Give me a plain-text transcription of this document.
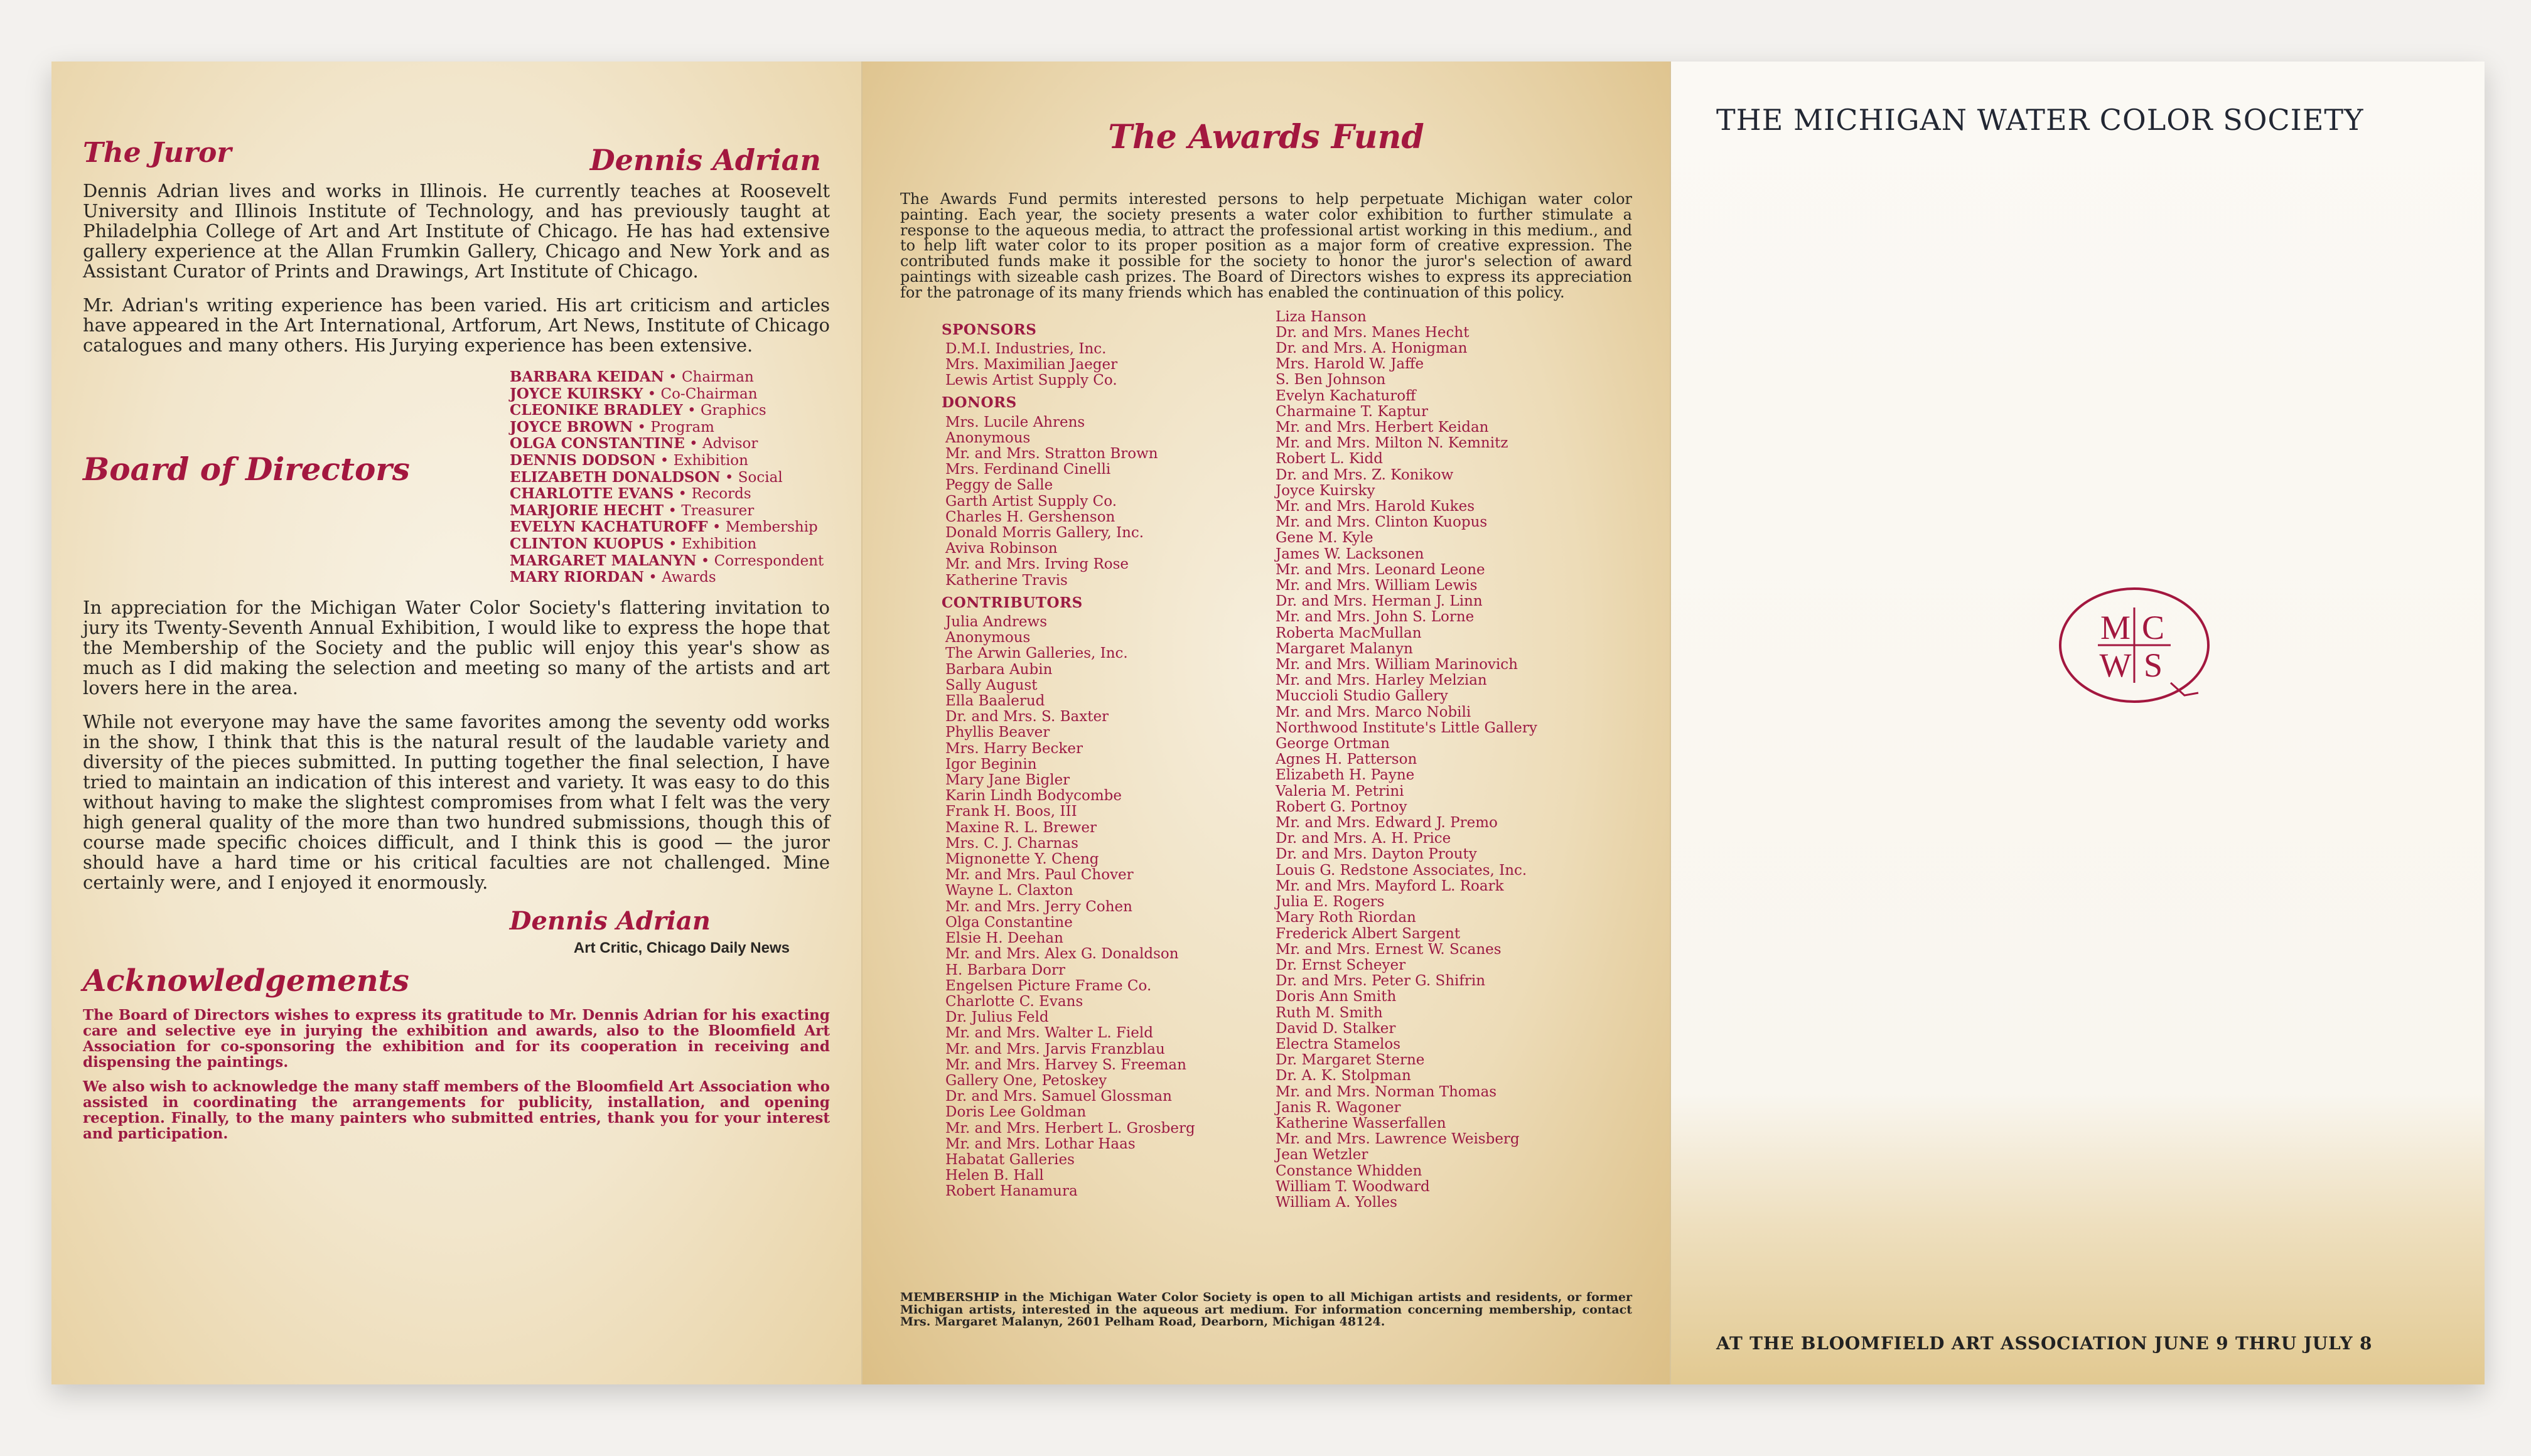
The Juror	Dennis Adrian

Dennis Adrian lives and works in Illinois. He currently teaches at Roosevelt University and Illinois Institute of Technology, and has previously taught at Philadelphia College of Art and Art Institute of Chicago. He has had extensive gallery experience at the Allan Frumkin Gallery, Chicago and New York and as Assistant Curator of Prints and Drawings, Art Institute of Chicago.

Mr. Adrian's writing experience has been varied. His art criticism and articles have appeared in the Art International, Artforum, Art News, Institute of Chicago catalogues and many others. His Jurying experience has been extensive.

Board of Directors
BARBARA KEIDAN • Chairman
JOYCE KUIRSKY • Co-Chairman
CLEONIKE BRADLEY • Graphics
JOYCE BROWN • Program
OLGA CONSTANTINE • Advisor
DENNIS DODSON • Exhibition
ELIZABETH DONALDSON • Social
CHARLOTTE EVANS • Records
MARJORIE HECHT • Treasurer
EVELYN KACHATUROFF • Membership
CLINTON KUOPUS • Exhibition
MARGARET MALANYN • Correspondent
MARY RIORDAN • Awards

In appreciation for the Michigan Water Color Society's flattering invitation to jury its Twenty-Seventh Annual Exhibition, I would like to express the hope that the Membership of the Society and the public will enjoy this year's show as much as I did making the selection and meeting so many of the artists and art lovers here in the area.

While not everyone may have the same favorites among the seventy odd works in the show, I think that this is the natural result of the laudable variety and diversity of the pieces submitted. In putting together the final selection, I have tried to maintain an indication of this interest and variety. It was easy to do this without having to make the slightest compromises from what I felt was the very high general quality of the more than two hundred submissions, though this of course made specific choices difficult, and I think this is good — the juror should have a hard time or his critical faculties are not challenged. Mine certainly were, and I enjoyed it enormously.

Dennis Adrian
Art Critic, Chicago Daily News
Acknowledgements

The Board of Directors wishes to express its gratitude to Mr. Dennis Adrian for his exacting care and selective eye in jurying the exhibition and awards, also to the Bloomfield Art Association for co-sponsoring the exhibition and for its cooperation in receiving and dispensing the paintings.

We also wish to acknowledge the many staff members of the Bloomfield Art Association who assisted in coordinating the arrangements for publicity, installation, and opening reception. Finally, to the many painters who submitted entries, thank you for your interest and participation.

The Awards Fund

The Awards Fund permits interested persons to help perpetuate Michigan water color painting. Each year, the society presents a water color exhibition to further stimulate a response to the aqueous media, to attract the professional artist working in this medium., and to help lift water color to its proper position as a major form of creative expression. The contributed funds make it possible for the society to honor the juror's selection of award paintings with sizeable cash prizes. The Board of Directors wishes to express its appreciation for the patronage of its many friends which has enabled the continuation of this policy.

SPONSORS
D.M.I. Industries, Inc.
Mrs. Maximilian Jaeger
Lewis Artist Supply Co.
DONORS
Mrs. Lucile Ahrens
Anonymous
Mr. and Mrs. Stratton Brown
Mrs. Ferdinand Cinelli
Peggy de Salle
Garth Artist Supply Co.
Charles H. Gershenson
Donald Morris Gallery, Inc.
Aviva Robinson
Mr. and Mrs. Irving Rose
Katherine Travis
CONTRIBUTORS
Julia Andrews
Anonymous
The Arwin Galleries, Inc.
Barbara Aubin
Sally August
Ella Baalerud
Dr. and Mrs. S. Baxter
Phyllis Beaver
Mrs. Harry Becker
Igor Beginin
Mary Jane Bigler
Karin Lindh Bodycombe
Frank H. Boos, III
Maxine R. L. Brewer
Mrs. C. J. Charnas
Mignonette Y. Cheng
Mr. and Mrs. Paul Chover
Wayne L. Claxton
Mr. and Mrs. Jerry Cohen
Olga Constantine
Elsie H. Deehan
Mr. and Mrs. Alex G. Donaldson
H. Barbara Dorr
Engelsen Picture Frame Co.
Charlotte C. Evans
Dr. Julius Feld
Mr. and Mrs. Walter L. Field
Mr. and Mrs. Jarvis Franzblau
Mr. and Mrs. Harvey S. Freeman
Gallery One, Petoskey
Dr. and Mrs. Samuel Glossman
Doris Lee Goldman
Mr. and Mrs. Herbert L. Grosberg
Mr. and Mrs. Lothar Haas
Habatat Galleries
Helen B. Hall
Robert Hanamura
Liza Hanson
Dr. and Mrs. Manes Hecht
Dr. and Mrs. A. Honigman
Mrs. Harold W. Jaffe
S. Ben Johnson
Evelyn Kachaturoff
Charmaine T. Kaptur
Mr. and Mrs. Herbert Keidan
Mr. and Mrs. Milton N. Kemnitz
Robert L. Kidd
Dr. and Mrs. Z. Konikow
Joyce Kuirsky
Mr. and Mrs. Harold Kukes
Mr. and Mrs. Clinton Kuopus
Gene M. Kyle
James W. Lacksonen
Mr. and Mrs. Leonard Leone
Mr. and Mrs. William Lewis
Dr. and Mrs. Herman J. Linn
Mr. and Mrs. John S. Lorne
Roberta MacMullan
Margaret Malanyn
Mr. and Mrs. William Marinovich
Mr. and Mrs. Harley Melzian
Muccioli Studio Gallery
Mr. and Mrs. Marco Nobili
Northwood Institute's Little Gallery
George Ortman
Agnes H. Patterson
Elizabeth H. Payne
Valeria M. Petrini
Robert G. Portnoy
Mr. and Mrs. Edward J. Premo
Dr. and Mrs. A. H. Price
Dr. and Mrs. Dayton Prouty
Louis G. Redstone Associates, Inc.
Mr. and Mrs. Mayford L. Roark
Julia E. Rogers
Mary Roth Riordan
Frederick Albert Sargent
Mr. and Mrs. Ernest W. Scanes
Dr. Ernst Scheyer
Dr. and Mrs. Peter G. Shifrin
Doris Ann Smith
Ruth M. Smith
David D. Stalker
Electra Stamelos
Dr. Margaret Sterne
Dr. A. K. Stolpman
Mr. and Mrs. Norman Thomas
Janis R. Wagoner
Katherine Wasserfallen
Mr. and Mrs. Lawrence Weisberg
Jean Wetzler
Constance Whidden
William T. Woodward
William A. Yolles
MEMBERSHIP in the Michigan Water Color Society is open to all Michigan artists and residents, or former Michigan artists, interested in the aqueous art medium. For information concerning membership, contact Mrs. Margaret Malanyn, 2601 Pelham Road, Dearborn, Michigan 48124.
THE MICHIGAN WATER COLOR SOCIETY
M C
W S
AT THE BLOOMFIELD ART ASSOCIATION JUNE 9 THRU JULY 8
